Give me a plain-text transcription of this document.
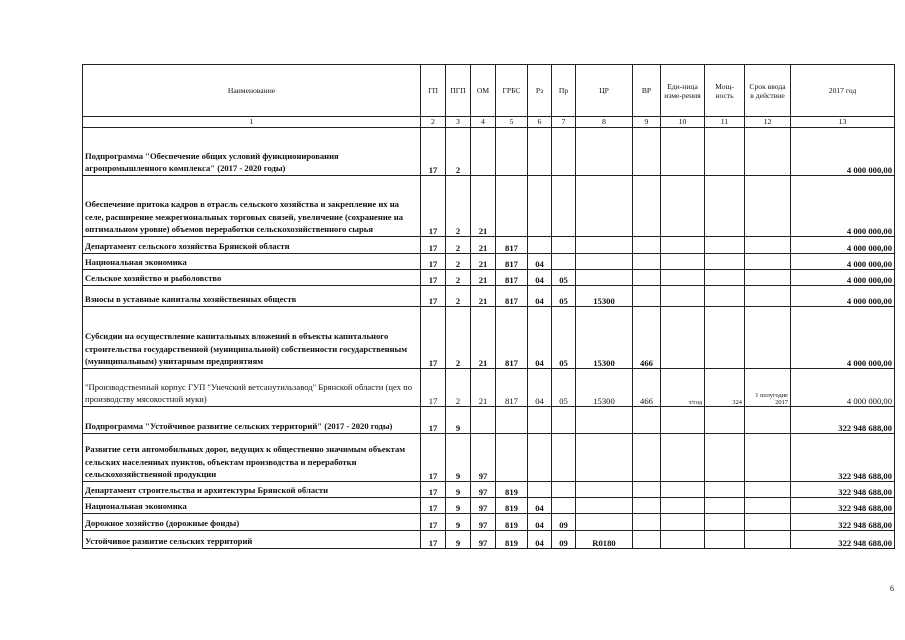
Наименование	ГП	ПГП	ОМ	ГРБС	Рз	Пр	ЦР	ВР	Еди-ница изме-рения	Мощ-ность	Срок ввода в действие	2017 год
1	2	3	4	5	6	7	8	9	10	11	12	13
Подпрограмма "Обеспечение общих условий функционирования агропромышленного комплекса" (2017 - 2020 годы)	17	2										4 000 000,00
Обеспечение притока кадров в отрасль сельского хозяйства и закрепление их на селе, расширение межрегиональных торговых связей, увеличение (сохранение на оптимальном уровне) объемов переработки сельскохозяйственного сырья	17	2	21									4 000 000,00
Департамент сельского хозяйства Брянской области	17	2	21	817								4 000 000,00
Национальная экономика	17	2	21	817	04							4 000 000,00
Сельское хозяйство и рыболовство	17	2	21	817	04	05						4 000 000,00
Взносы в уставные капиталы хозяйственных обществ	17	2	21	817	04	05	15300					4 000 000,00
Субсидии на осуществление капитальных вложений в объекты капитального строительства государственной (муниципальной) собственности государственным (муниципальным) унитарным предприятиям	17	2	21	817	04	05	15300	466				4 000 000,00
"Производственный корпус ГУП "Унечский ветсанутильзавод" Брянской области (цех по производству мясокостной муки)	17	2	21	817	04	05	15300	466	т/год	324	1 полугодие 2017	4 000 000,00
Подпрограмма "Устойчивое развитие сельских территорий" (2017 - 2020 годы)	17	9										322 948 688,00
Развитие сети автомобильных дорог, ведущих к общественно значимым объектам сельских населенных пунктов, объектам производства и переработки сельскохозяйственной продукции	17	9	97									322 948 688,00
Департамент строительства и архитектуры Брянской области	17	9	97	819								322 948 688,00
Национальная экономика	17	9	97	819	04							322 948 688,00
Дорожное хозяйство (дорожные фонды)	17	9	97	819	04	09						322 948 688,00
Устойчивое развитие сельских территорий	17	9	97	819	04	09	R0180					322 948 688,00
6
